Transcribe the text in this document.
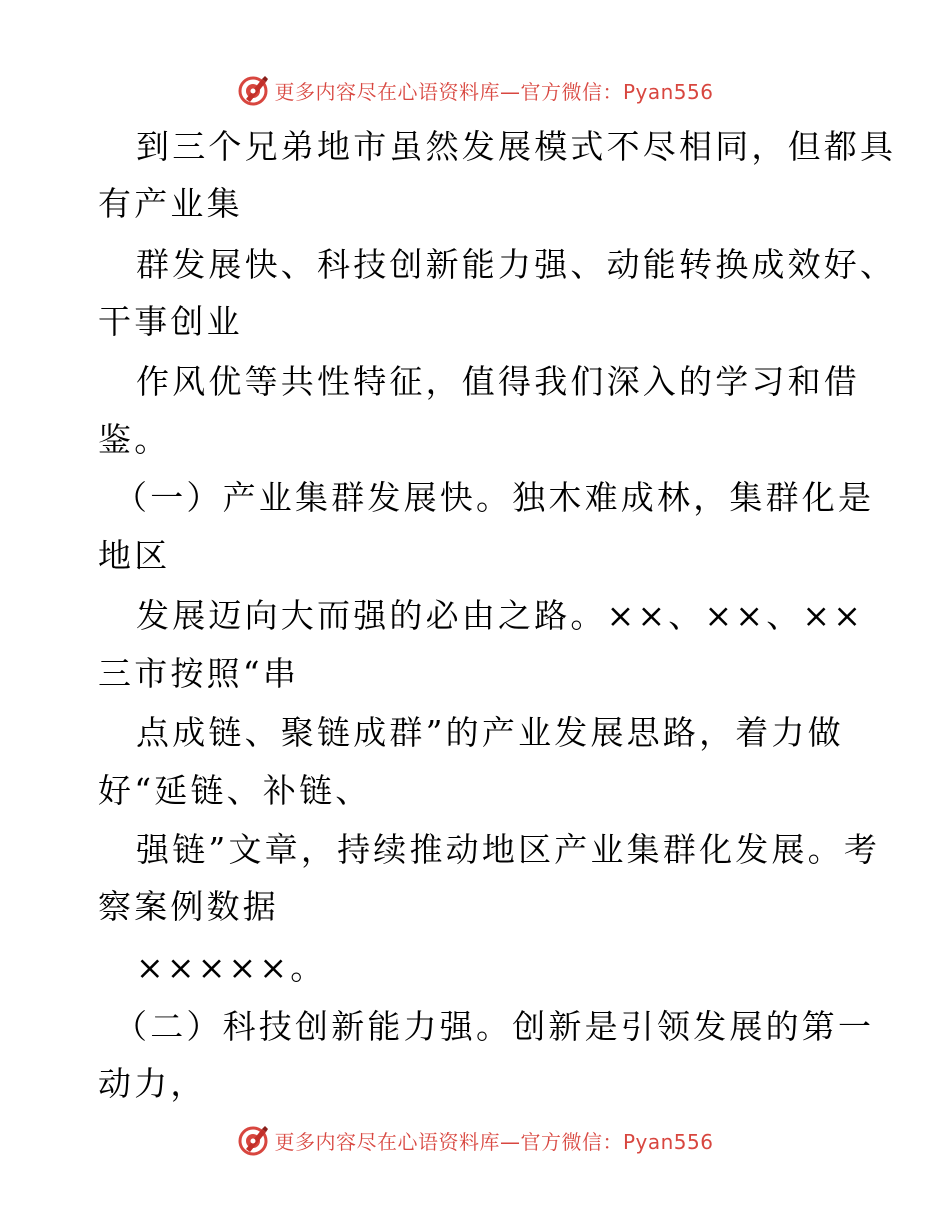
更多内容尽在心语资料库—官方微信：Pyan556
到三个兄弟地市虽然发展模式不尽相同，但都具
有产业集
群发展快、科技创新能力强、动能转换成效好、
干事创业
作风优等共性特征，值得我们深入的学习和借
鉴。
（一）产业集群发展快。独木难成林，集群化是
地区
发展迈向大而强的必由之路。××、××、××
三市按照“串
点成链、聚链成群”的产业发展思路，着力做
好“延链、补链、
强链”文章，持续推动地区产业集群化发展。考
察案例数据
×××××。
（二）科技创新能力强。创新是引领发展的第一
动力，
更多内容尽在心语资料库—官方微信：Pyan556
